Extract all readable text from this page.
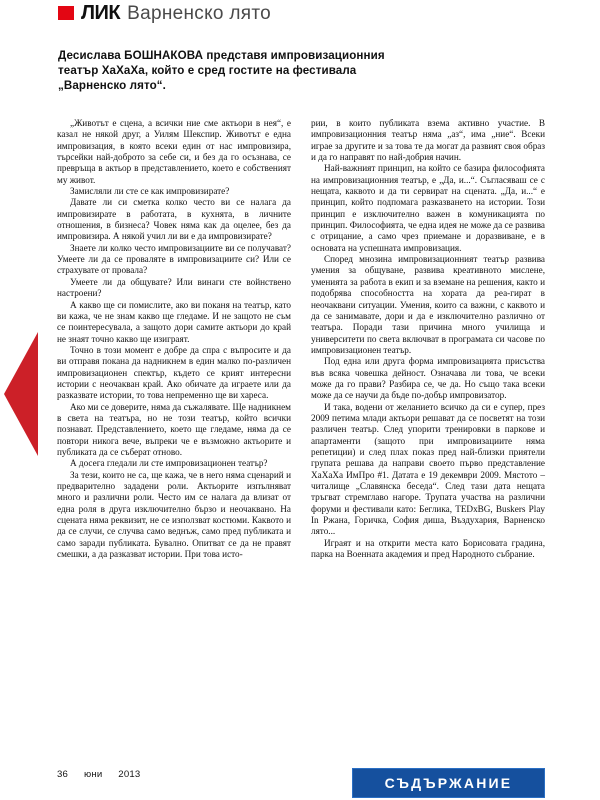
ЛИК Варненско лято
Десислава БОШНАКОВА представя импровизационния театър ХаХаХа, който е сред гостите на фестивала „Варненско лято“.

„Животът е сцена, а всички ние сме актьори в нея“, е казал не някой друг, а Уилям Шекспир. Животът е една импровизация, в която всеки един от нас импровизира, търсейки най-доброто за себе си, и без да го осъзнава, се превръща в актьор в представлението, което е собственият му живот.

Замисляли ли сте се как импровизирате?

Давате ли си сметка колко често ви се налага да импровизирате в работата, в кухнята, в личните отношения, в бизнеса? Човек няма как да оцелее, без да импровизира. А някой учил ли ви е да импровизирате?

Знаете ли колко често импровизациите ви се получават? Умеете ли да се проваляте в импровизациите си? Или се страхувате от провала?

Умеете ли да общувате? Или винаги сте войнствено настроени?

А какво ще си помислите, ако ви поканя на театър, като ви кажа, че не знам какво ще гледаме. И не защото не съм се поинтересувала, а защото дори самите актьори до край не знаят точно какво ще изиграят.

Точно в този момент е добре да спра с въпросите и да ви отправя покана да надникнем в един малко по-различен импровизационен спектър, където се крият интересни истории с неочакван край. Ако обичате да играете или да разказвате истории, то това непременно ще ви хареса.

Ако ми се доверите, няма да съжалявате. Ще надникнем в света на театъра, но не този театър, който всички познават. Представлението, което ще гледаме, няма да се повтори никога вече, въпреки че е възможно актьорите и публиката да се съберат отново.

А досега гледали ли сте импровизационен театър?

За тези, които не са, ще кажа, че в него няма сценарий и предварително зададени роли. Актьорите изпълняват много и различни роли. Често им се налага да влизат от една роля в друга изключително бързо и неочаквано. На сцената няма реквизит, не се използват костюми. Каквото и да се случи, се случва само веднъж, само пред публиката и само заради публиката. Бувално. Опитват се да не правят смешки, а да разказват истории. При това исто-

рии, в които публиката взема активно участие. В импровизационния театър няма „аз“, има „ние“. Всеки играе за другите и за това те да могат да развият своя образ и да го направят по най-добрия начин.

Най-важният принцип, на който се базира философията на импровизационния театър, е „Да, и...“. Съгласяваш се с нещата, каквото и да ти сервират на сцената. „Да, и...“ е принцип, който подпомага разказването на истории. Този принцип е изключително важен в комуникацията по принцип. Философията, че една идея не може да се развива с отрицание, а само чрез приемане и доразвиване, е в основата на успешната импровизация.

Според мнозина импровизационният театър развива умения за общуване, развива креативното мислене, уменията за работа в екип и за вземане на решения, както и подобрява способността на хората да реа-гират в неочаквани ситуации. Умения, които са важни, с каквото и да се занимавате, дори и да е изключително различно от театъра. Поради тази причина много училища и университети по света включват в програмата си часове по импровизационен театър.

Под една или друга форма импровизацията присъства във всяка човешка дейност. Означава ли това, че всеки може да го прави? Разбира се, че да. Но също така всеки може да се научи да бъде по-добър импровизатор.

И така, водени от желанието всичко да си е супер, през 2009 петима млади актьори решават да се посветят на този различен театър. След упорити тренировки в паркове и апартаменти (защото при импровизациите няма репетиции) и след плах показ пред най-близки приятели групата решава да направи своето първо представление ХаХаХа ИмПро #1. Датата е 19 декември 2009. Мястото – читалище „Славянска беседа“. След тази дата нещата тръгват стремглаво нагоре. Трупата участва на различни форуми и фестивали като: Беглика, TEDxBG, Buskers Play In Ржана, Горичка, София диша, Въздухария, Варненско лято...

Играят и на открити места като Борисовата градина, парка на Военната академия и пред Народното събрание.

36 юни 2013
СЪДЪРЖАНИЕ
